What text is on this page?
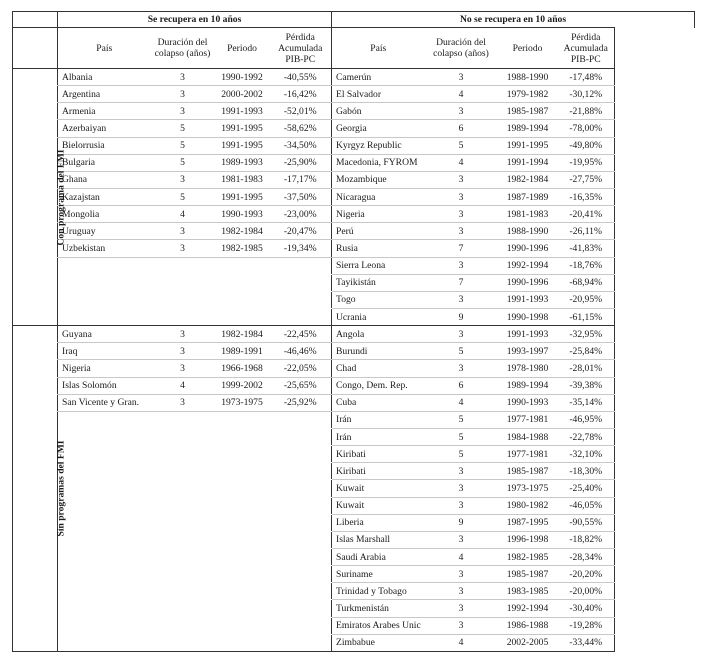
	Se recupera en 10 años				No se recupera en 10 años			
	País	Duración del colapso (años)	Periodo	Pérdida Acumulada PIB-PC	País	Duración del colapso (años)	Periodo	Pérdida Acumulada PIB-PC
Con programa del FMI	Albania	3	1990-1992	-40,55%	Camerún	3	1988-1990	-17,48%
	Argentina	3	2000-2002	-16,42%	El Salvador	4	1979-1982	-30,12%
	Armenia	3	1991-1993	-52,01%	Gabón	3	1985-1987	-21,88%
	Azerbaiyan	5	1991-1995	-58,62%	Georgia	6	1989-1994	-78,00%
	Bielorrusia	5	1991-1995	-34,50%	Kyrgyz Republic	5	1991-1995	-49,80%
	Bulgaria	5	1989-1993	-25,90%	Macedonia, FYROM	4	1991-1994	-19,95%
	Ghana	3	1981-1983	-17,17%	Mozambique	3	1982-1984	-27,75%
	Kazajstan	5	1991-1995	-37,50%	Nicaragua	3	1987-1989	-16,35%
	Mongolia	4	1990-1993	-23,00%	Nigeria	3	1981-1983	-20,41%
	Uruguay	3	1982-1984	-20,47%	Perú	3	1988-1990	-26,11%
	Uzbekistan	3	1982-1985	-19,34%	Rusia	7	1990-1996	-41,83%
					Sierra Leona	3	1992-1994	-18,76%
					Tayikistán	7	1990-1996	-68,94%
					Togo	3	1991-1993	-20,95%
					Ucrania	9	1990-1998	-61,15%
Sin programas del FMI	Guyana	3	1982-1984	-22,45%	Angola	3	1991-1993	-32,95%
	Iraq	3	1989-1991	-46,46%	Burundi	5	1993-1997	-25,84%
	Nigeria	3	1966-1968	-22,05%	Chad	3	1978-1980	-28,01%
	Islas Solomón	4	1999-2002	-25,65%	Congo, Dem. Rep.	6	1989-1994	-39,38%
	San Vicente y Gran.	3	1973-1975	-25,92%	Cuba	4	1990-1993	-35,14%
					Irán	5	1977-1981	-46,95%
					Irán	5	1984-1988	-22,78%
					Kiribati	5	1977-1981	-32,10%
					Kiribati	3	1985-1987	-18,30%
					Kuwait	3	1973-1975	-25,40%
					Kuwait	3	1980-1982	-46,05%
					Liberia	9	1987-1995	-90,55%
					Islas Marshall	3	1996-1998	-18,82%
					Saudi Arabia	4	1982-1985	-28,34%
					Suriname	3	1985-1987	-20,20%
					Trinidad y Tobago	3	1983-1985	-20,00%
					Turkmenistán	3	1992-1994	-30,40%
					Emiratos Arabes Unic	3	1986-1988	-19,28%
					Zimbabue	4	2002-2005	-33,44%
